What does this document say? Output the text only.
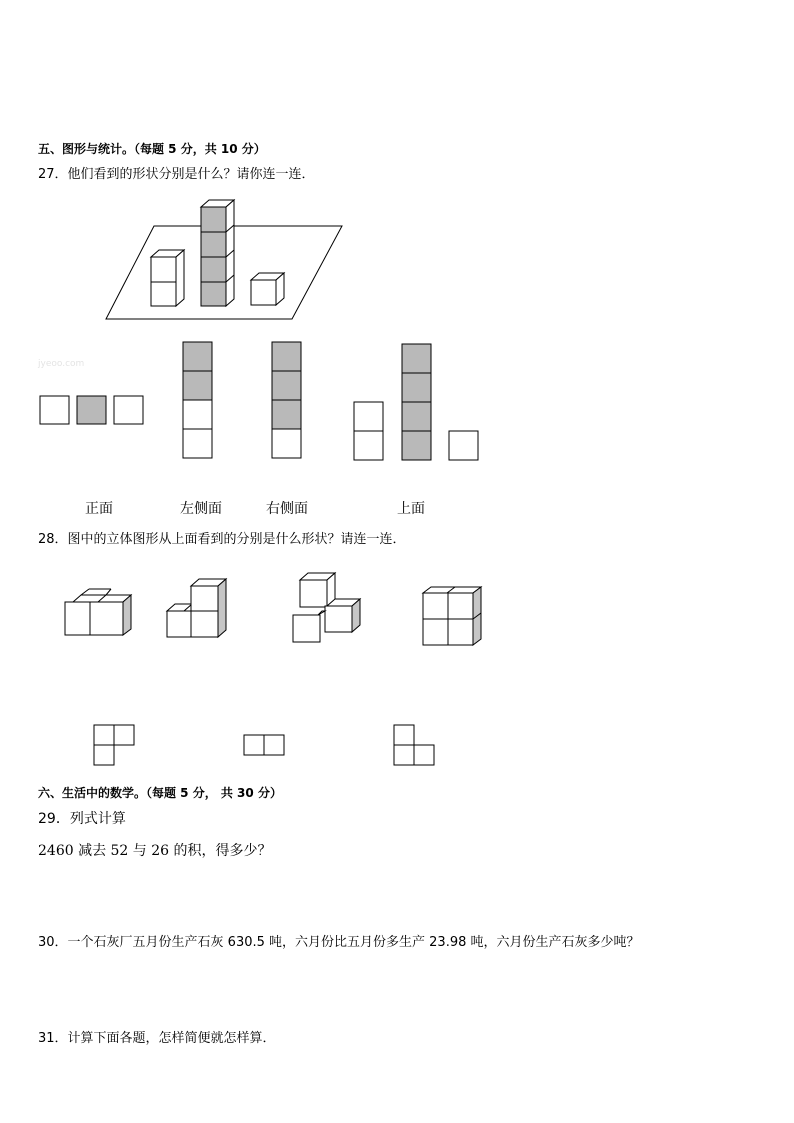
五、图形与统计。（每题 5 分，共 10 分）
27．他们看到的形状分别是什么？请你连一连．
jyeoo.com
正面	左侧面	右侧面	上面
28．图中的立体图形从上面看到的分别是什么形状？请连一连．
六、生活中的数学。（每题 5 分， 共 30 分）
29．列式计算
2460 减去 52 与 26 的积，得多少？
30．一个石灰厂五月份生产石灰 630.5 吨，六月份比五月份多生产 23.98 吨，六月份生产石灰多少吨？
31．计算下面各题，怎样简便就怎样算．
